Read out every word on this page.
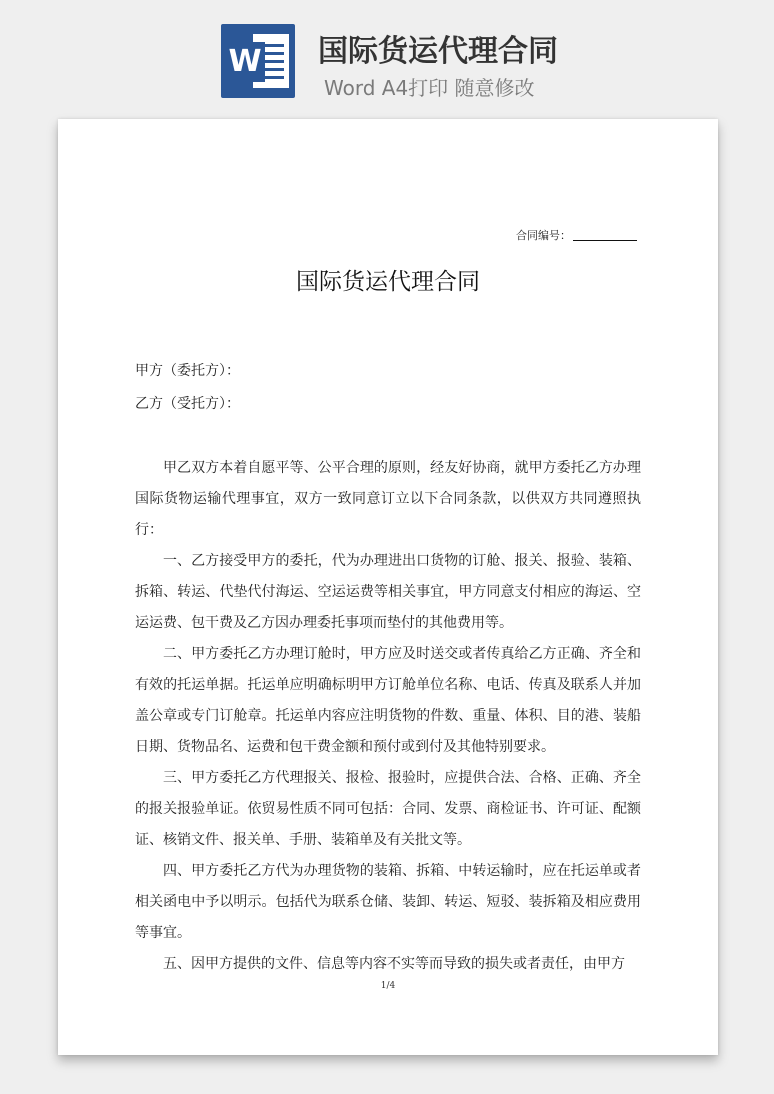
W 国际货运代理合同
Word A4打印 随意修改
合同编号：
国际货运代理合同
甲方（委托方）：
乙方（受托方）：

甲乙双方本着自愿平等、公平合理的原则，经友好协商，就甲方委托乙方办理国际货物运输代理事宜，双方一致同意订立以下合同条款，以供双方共同遵照执行：

一、乙方接受甲方的委托，代为办理进出口货物的订舱、报关、报验、装箱、拆箱、转运、代垫代付海运、空运运费等相关事宜，甲方同意支付相应的海运、空运运费、包干费及乙方因办理委托事项而垫付的其他费用等。

二、甲方委托乙方办理订舱时，甲方应及时送交或者传真给乙方正确、齐全和有效的托运单据。托运单应明确标明甲方订舱单位名称、电话、传真及联系人并加盖公章或专门订舱章。托运单内容应注明货物的件数、重量、体积、目的港、装船日期、货物品名、运费和包干费金额和预付或到付及其他特别要求。

三、甲方委托乙方代理报关、报检、报验时，应提供合法、合格、正确、齐全的报关报验单证。依贸易性质不同可包括：合同、发票、商检证书、许可证、配额证、核销文件、报关单、手册、装箱单及有关批文等。

四、甲方委托乙方代为办理货物的装箱、拆箱、中转运输时，应在托运单或者相关函电中予以明示。包括代为联系仓储、装卸、转运、短驳、装拆箱及相应费用等事宜。

五、因甲方提供的文件、信息等内容不实等而导致的损失或者责任，由甲方

1/4
